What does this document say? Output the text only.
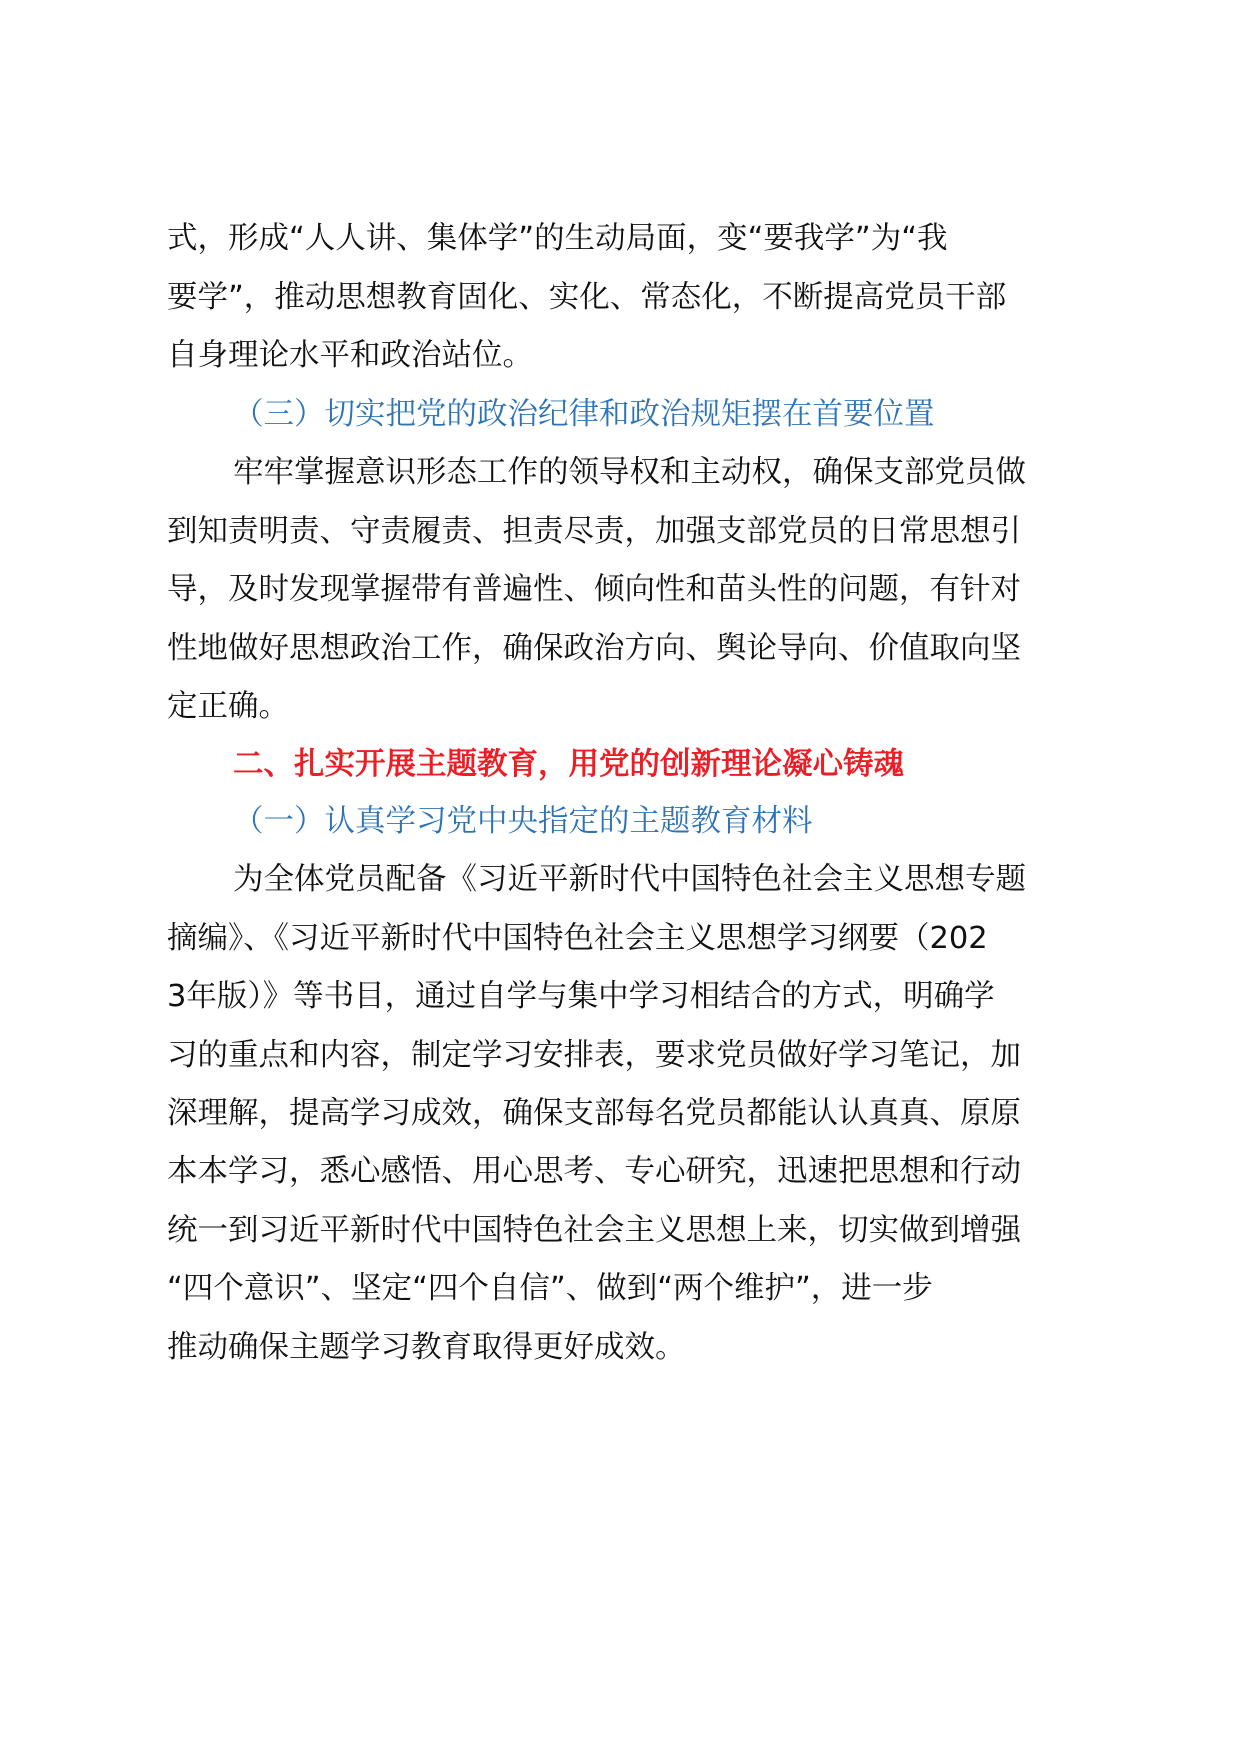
式，形成“人人讲、集体学”的生动局面，变“要我学”为“我
要学”，推动思想教育固化、实化、常态化，不断提高党员干部
自身理论水平和政治站位。
（三）切实把党的政治纪律和政治规矩摆在首要位置
牢牢掌握意识形态工作的领导权和主动权，确保支部党员做
到知责明责、守责履责、担责尽责，加强支部党员的日常思想引
导，及时发现掌握带有普遍性、倾向性和苗头性的问题，有针对
性地做好思想政治工作，确保政治方向、舆论导向、价值取向坚
定正确。
二、扎实开展主题教育，用党的创新理论凝心铸魂
（一）认真学习党中央指定的主题教育材料
为全体党员配备《习近平新时代中国特色社会主义思想专题
摘编》、《习近平新时代中国特色社会主义思想学习纲要（202
3年版）》等书目，通过自学与集中学习相结合的方式，明确学
习的重点和内容，制定学习安排表，要求党员做好学习笔记，加
深理解，提高学习成效，确保支部每名党员都能认认真真、原原
本本学习，悉心感悟、用心思考、专心研究，迅速把思想和行动
统一到习近平新时代中国特色社会主义思想上来，切实做到增强
“四个意识”、坚定“四个自信”、做到“两个维护”，进一步
推动确保主题学习教育取得更好成效。
